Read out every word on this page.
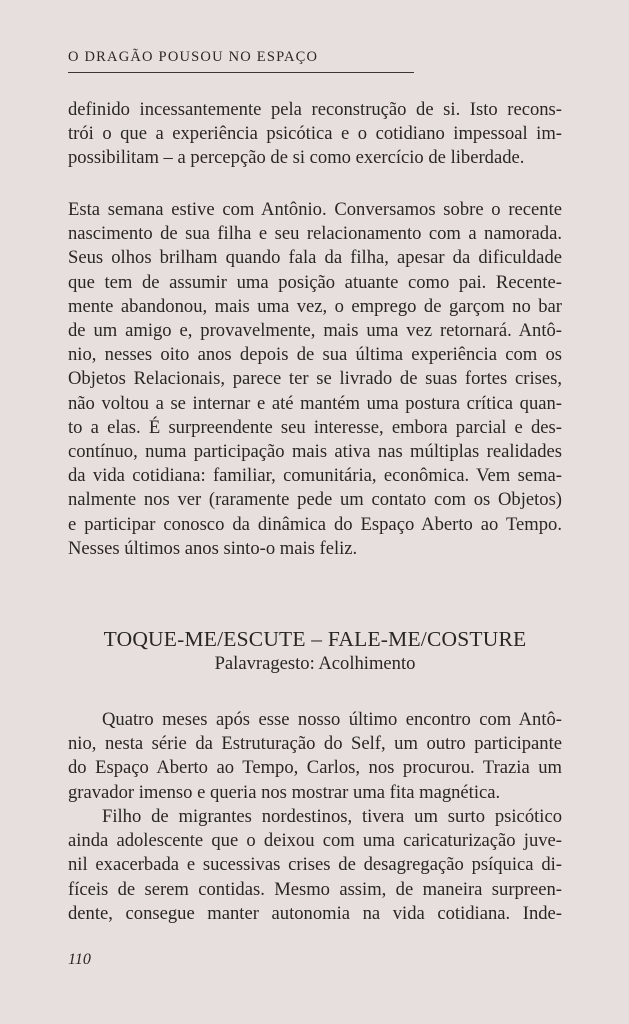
O DRAGÃO POUSOU NO ESPAÇO
definido incessantemente pela reconstrução de si. Isto recons-
trói o que a experiência psicótica e o cotidiano impessoal im-
possibilitam – a percepção de si como exercício de liberdade.
Esta semana estive com Antônio. Conversamos sobre o recente
nascimento de sua filha e seu relacionamento com a namorada.
Seus olhos brilham quando fala da filha, apesar da dificuldade
que tem de assumir uma posição atuante como pai. Recente-
mente abandonou, mais uma vez, o emprego de garçom no bar
de um amigo e, provavelmente, mais uma vez retornará. Antô-
nio, nesses oito anos depois de sua última experiência com os
Objetos Relacionais, parece ter se livrado de suas fortes crises,
não voltou a se internar e até mantém uma postura crítica quan-
to a elas. É surpreendente seu interesse, embora parcial e des-
contínuo, numa participação mais ativa nas múltiplas realidades
da vida cotidiana: familiar, comunitária, econômica. Vem sema-
nalmente nos ver (raramente pede um contato com os Objetos)
e participar conosco da dinâmica do Espaço Aberto ao Tempo.
Nesses últimos anos sinto-o mais feliz.
TOQUE-ME/ESCUTE – FALE-ME/COSTURE
Palavragesto: Acolhimento
Quatro meses após esse nosso último encontro com Antô-
nio, nesta série da Estruturação do Self, um outro participante
do Espaço Aberto ao Tempo, Carlos, nos procurou. Trazia um
gravador imenso e queria nos mostrar uma fita magnética.
Filho de migrantes nordestinos, tivera um surto psicótico
ainda adolescente que o deixou com uma caricaturização juve-
nil exacerbada e sucessivas crises de desagregação psíquica di-
fíceis de serem contidas. Mesmo assim, de maneira surpreen-
dente, consegue manter autonomia na vida cotidiana. Inde-
110
